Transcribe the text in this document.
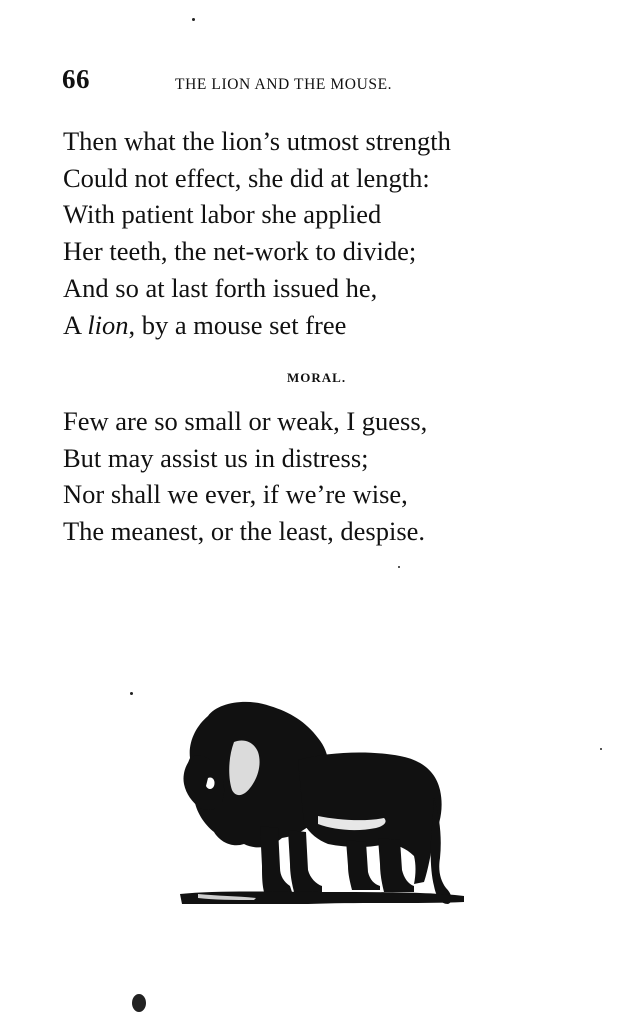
66	THE LION AND THE MOUSE.
Then what the lion’s utmost strength
Could not effect, she did at length:
With patient labor she applied
Her teeth, the net-work to divide;
And so at last forth issued he,
A lion, by a mouse set free
MORAL.
Few are so small or weak, I guess,
But may assist us in distress;
Nor shall we ever, if we’re wise,
The meanest, or the least, despise.
